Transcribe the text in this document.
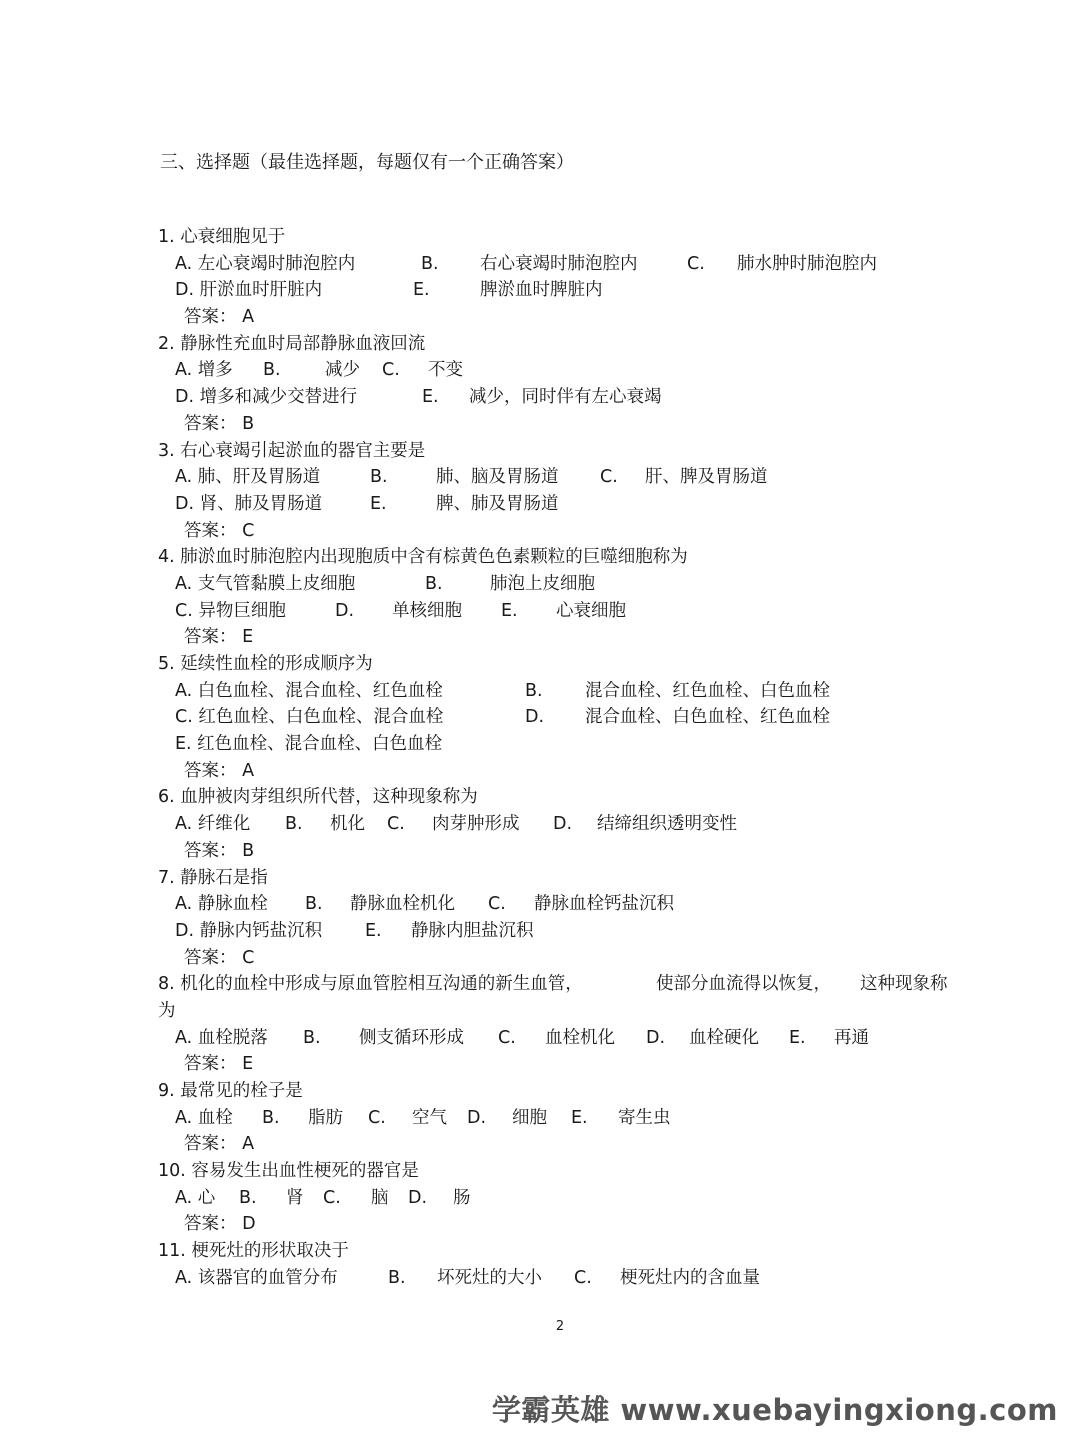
三、选择题（最佳选择题，每题仅有一个正确答案）
1. 心衰细胞见于
A. 左心衰竭时肺泡腔内	B. 右心衰竭时肺泡腔内	C. 肺水肿时肺泡腔内
D. 肝淤血时肝脏内	E.	脾淤血时脾脏内
答案： A
2. 静脉性充血时局部静脉血液回流
A. 增多 B.	减少 C. 不变
D. 增多和减少交替进行	E. 减少，同时伴有左心衰竭
答案： B
3. 右心衰竭引起淤血的器官主要是
A. 肺、肝及胃肠道	B.	肺、脑及胃肠道 C. 肝、脾及胃肠道
D. 肾、肺及胃肠道	E.	脾、肺及胃肠道
答案： C
4. 肺淤血时肺泡腔内出现胞质中含有棕黄色色素颗粒的巨噬细胞称为
A. 支气管黏膜上皮细胞	B.	肺泡上皮细胞
C. 异物巨细胞	D. 单核细胞 E. 心衰细胞
答案： E
5. 延续性血栓的形成顺序为
A. 白色血栓、混合血栓、红色血栓	B. 混合血栓、红色血栓、白色血栓
C. 红色血栓、白色血栓、混合血栓	D. 混合血栓、白色血栓、红色血栓
E. 红色血栓、混合血栓、白色血栓
答案： A
6. 血肿被肉芽组织所代替，这种现象称为
A. 纤维化 B. 机化 C. 肉芽肿形成 D. 结缔组织透明变性
答案： B
7. 静脉石是指
A. 静脉血栓 B. 静脉血栓机化 C. 静脉血栓钙盐沉积
D. 静脉内钙盐沉积 E. 静脉内胆盐沉积
答案： C
8. 机化的血栓中形成与原血管腔相互沟通的新生血管，	使部分血流得以恢复， 这种现象称
为
A. 血栓脱落 B. 侧支循环形成 C. 血栓机化 D. 血栓硬化 E. 再通
答案： E
9. 最常见的栓子是
A. 血栓 B. 脂肪 C. 空气 D. 细胞 E. 寄生虫
答案： A
10. 容易发生出血性梗死的器官是
A. 心 B. 肾 C. 脑 D. 肠
答案： D
11. 梗死灶的形状取决于
A. 该器官的血管分布	B. 坏死灶的大小 C. 梗死灶内的含血量
2
学霸英雄 www.xuebayingxiong.com
